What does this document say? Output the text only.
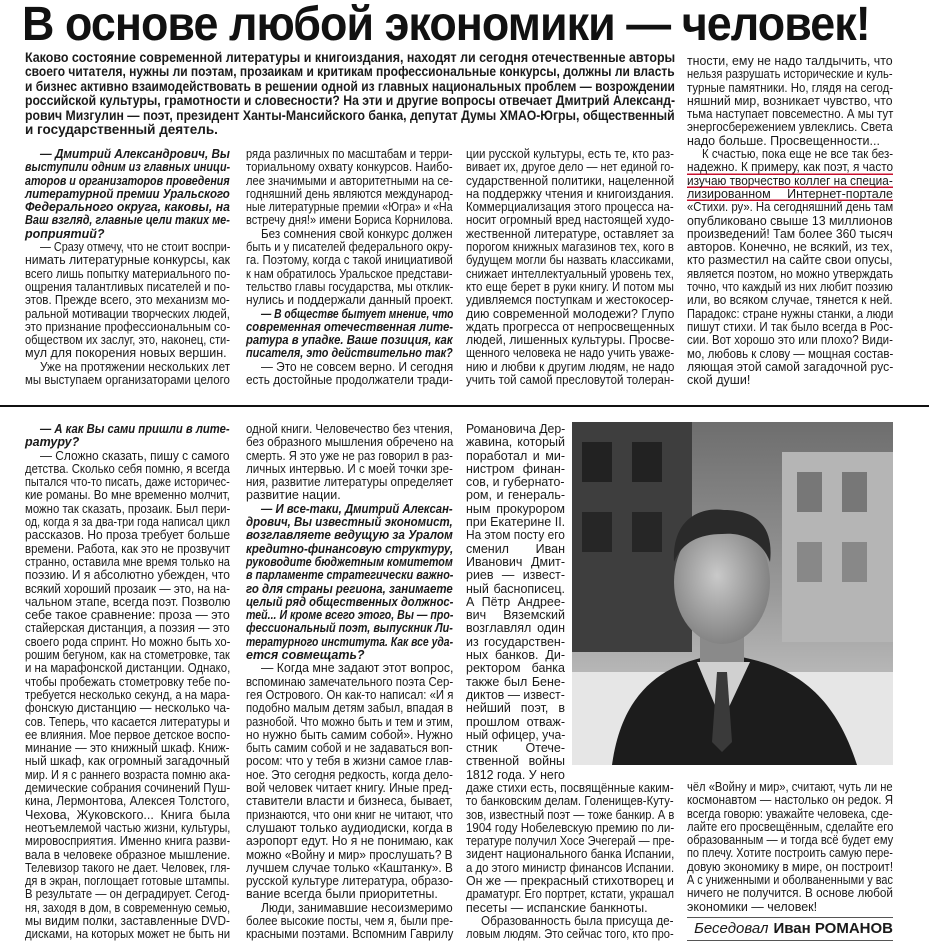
В основе любой экономики — человек!
Каково состояние современной литературы и книгоиздания, находят ли сегодня отечественные авторы
своего читателя, нужны ли поэтам, прозаикам и критикам профессиональные конкурсы, должны ли власть
и бизнес активно взаимодействовать в решении одной из главных национальных проблем — возрождении
российской культуры, грамотности и словесности? На эти и другие вопросы отвечает Дмитрий Александ-
рович Мизгулин — поэт, президент Ханты-Мансийского банка, депутат Думы ХМАО-Югры, общественный
и государственный деятель.
— Дмитрий Александрович, Вы
выступили одним из главных иници-
аторов и организаторов проведения
литературной премии Уральского
Федерального округа, каковы, на
Ваш взгляд, главные цели таких ме-
роприятий?
— Сразу отмечу, что не стоит воспри-
нимать литературные конкурсы, как
всего лишь попытку материального по-
ощрения талантливых писателей и по-
этов. Прежде всего, это механизм мо-
ральной мотивации творческих людей,
это признание профессиональным со-
обществом их заслуг, это, наконец, сти-
мул для покорения новых вершин.
Уже на протяжении нескольких лет
мы выступаем организаторами целого
ряда различных по масштабам и терри-
ториальному охвату конкурсов. Наибо-
лее значимыми и авторитетными на се-
годняшний день являются международ-
ные литературные премии «Югра» и «На
встречу дня!» имени Бориса Корнилова.
Без сомнения свой конкурс должен
быть и у писателей федерального окру-
га. Поэтому, когда с такой инициативой
к нам обратилось Уральское представи-
тельство главы государства, мы отклик-
нулись и поддержали данный проект.
— В обществе бытует мнение, что
современная отечественная лите-
ратура в упадке. Ваше позиция, как
писателя, это действительно так?
— Это не совсем верно. И сегодня
есть достойные продолжатели тради-
ции русской культуры, есть те, кто раз-
вивает их, другое дело — нет единой го-
сударственной политики, нацеленной
на поддержку чтения и книгоиздания.
Коммерциализация этого процесса на-
носит огромный вред настоящей худо-
жественной литературе, оставляет за
порогом книжных магазинов тех, кого в
будущем могли бы назвать классиками,
снижает интеллектуальный уровень тех,
кто еще берет в руки книгу. И потом мы
удивляемся поступкам и жестокосер-
дию современной молодежи? Глупо
ждать прогресса от непросвещенных
людей, лишенных культуры. Просве-
щенного человека не надо учить уваже-
нию и любви к другим людям, не надо
учить той самой пресловутой толеран-
тности, ему не надо талдычить, что
нельзя разрушать исторические и куль-
турные памятники. Но, глядя на сегод-
няшний мир, возникает чувство, что
тьма наступает повсеместно. А мы тут
энергосбережением увлеклись. Света
надо больше. Просвещенности...
К счастью, пока еще не все так без-
надежно. К примеру, как поэт, я часто
изучаю творчество коллег на специа-
лизированном Интернет-портале
«Стихи. ру». На сегодняшний день там
опубликовано свыше 13 миллионов
произведений! Там более 360 тысяч
авторов. Конечно, не всякий, из тех,
кто разместил на сайте свои опусы,
является поэтом, но можно утверждать
точно, что каждый из них любит поэзию
или, во всяком случае, тянется к ней.
Парадокс: стране нужны станки, а люди
пишут стихи. И так было всегда в Рос-
сии. Вот хорошо это или плохо? Види-
мо, любовь к слову — мощная состав-
ляющая этой самой загадочной рус-
ской души!
— А как Вы сами пришли в лите-
ратуру?
— Сложно сказать, пишу с самого
детства. Сколько себя помню, я всегда
пытался что-то писать, даже историчес-
кие романы. Во мне временно молчит,
можно так сказать, прозаик. Был пери-
од, когда я за два-три года написал цикл
рассказов. Но проза требует больше
времени. Работа, как это не прозвучит
странно, оставила мне время только на
поэзию. И я абсолютно убежден, что
всякий хороший прозаик — это, на на-
чальном этапе, всегда поэт. Позволю
себе такое сравнение: проза — это
стайерская дистанция, а поэзия — это
своего рода спринт. Но можно быть хо-
рошим бегуном, как на стометровке, так
и на марафонской дистанции. Однако,
чтобы пробежать стометровку тебе по-
требуется несколько секунд, а на мара-
фонскую дистанцию — несколько ча-
сов. Теперь, что касается литературы и
ее влияния. Мое первое детское воспо-
минание — это книжный шкаф. Книж-
ный шкаф, как огромный загадочный
мир. И я с раннего возраста помню ака-
демические собрания сочинений Пуш-
кина, Лермонтова, Алексея Толстого,
Чехова, Жуковского... Книга была
неотъемлемой частью жизни, культуры,
мировосприятия. Именно книга разви-
вала в человеке образное мышление.
Телевизор такого не дает. Человек, гля-
дя в экран, поглощает готовые штампы.
В результате — он деградирует. Сегод-
ня, заходя в дом, в современную семью,
мы видим полки, заставленные DVD-
дисками, на которых может не быть ни
одной книги. Человечество без чтения,
без образного мышления обречено на
смерть. Я это уже не раз говорил в раз-
личных интервью. И с моей точки зре-
ния, развитие литературы определяет
развитие нации.
— И все-таки, Дмитрий Алексан-
дрович, Вы известный экономист,
возглавляете ведущую за Уралом
кредитно-финансовую структуру,
руководите бюджетным комитетом
в парламенте стратегически важно-
го для страны региона, занимаете
целый ряд общественных должнос-
тей... И кроме всего этого, Вы — про-
фессиональный поэт, выпускник Ли-
тературного института. Как все уда-
ется совмещать?
— Когда мне задают этот вопрос,
вспоминаю замечательного поэта Сер-
гея Острового. Он как-то написал: «И я
подобно малым детям забыл, впадая в
разнобой. Что можно быть и тем и этим,
но нужно быть самим собой». Нужно
быть самим собой и не задаваться воп-
росом: что у тебя в жизни самое глав-
ное. Это сегодня редкость, когда дело-
вой человек читает книгу. Иные пред-
ставители власти и бизнеса, бывает,
признаются, что они книг не читают, что
слушают только аудиодиски, когда в
аэропорт едут. Но я не понимаю, как
можно «Войну и мир» прослушать? В
лучшем случае только «Каштанку». В
русской культуре литература, образо-
вание всегда были приоритетны.
Люди, занимавшие несоизмеримо
более высокие посты, чем я, были пре-
красными поэтами. Вспомним Гаврилу
Романовича Дер-
жавина, который
поработал и ми-
нистром финан-
сов, и губернато-
ром, и генераль-
ным прокурором
при Екатерине II.
На этом посту его
сменил Иван
Иванович Дмит-
риев — извест-
ный баснописец.
А Пётр Андрее-
вич Вяземский
возглавлял один
из государствен-
ных банков. Ди-
ректором банка
также был Бене-
диктов — извест-
нейший поэт, в
прошлом отваж-
ный офицер, уча-
стник Отече-
ственной войны
1812 года. У него
даже стихи есть, посвящённые каким-
то банковским делам. Голенищев-Куту-
зов, известный поэт — тоже банкир. А в
1904 году Нобелевскую премию по ли-
тературе получил Хосе Эчегерай — пре-
зидент национального банка Испании,
а до этого министр финансов Испании.
Он же — прекрасный стихотворец и
драматург. Его портрет, кстати, украшал
песеты — испанские банкноты.
Образованность была присуща де-
ловым людям. Это сейчас того, кто про-
чёл «Войну и мир», считают, чуть ли не
космонавтом — настолько он редок. Я
всегда говорю: уважайте человека, сде-
лайте его просвещённым, сделайте его
образованным — и тогда всё будет ему
по плечу. Хотите построить самую пере-
довую экономику в мире, он построит!
А с униженными и оболваненными у вас
ничего не получится. В основе любой
экономики — человек!
Беседовал Иван РОМАНОВ
